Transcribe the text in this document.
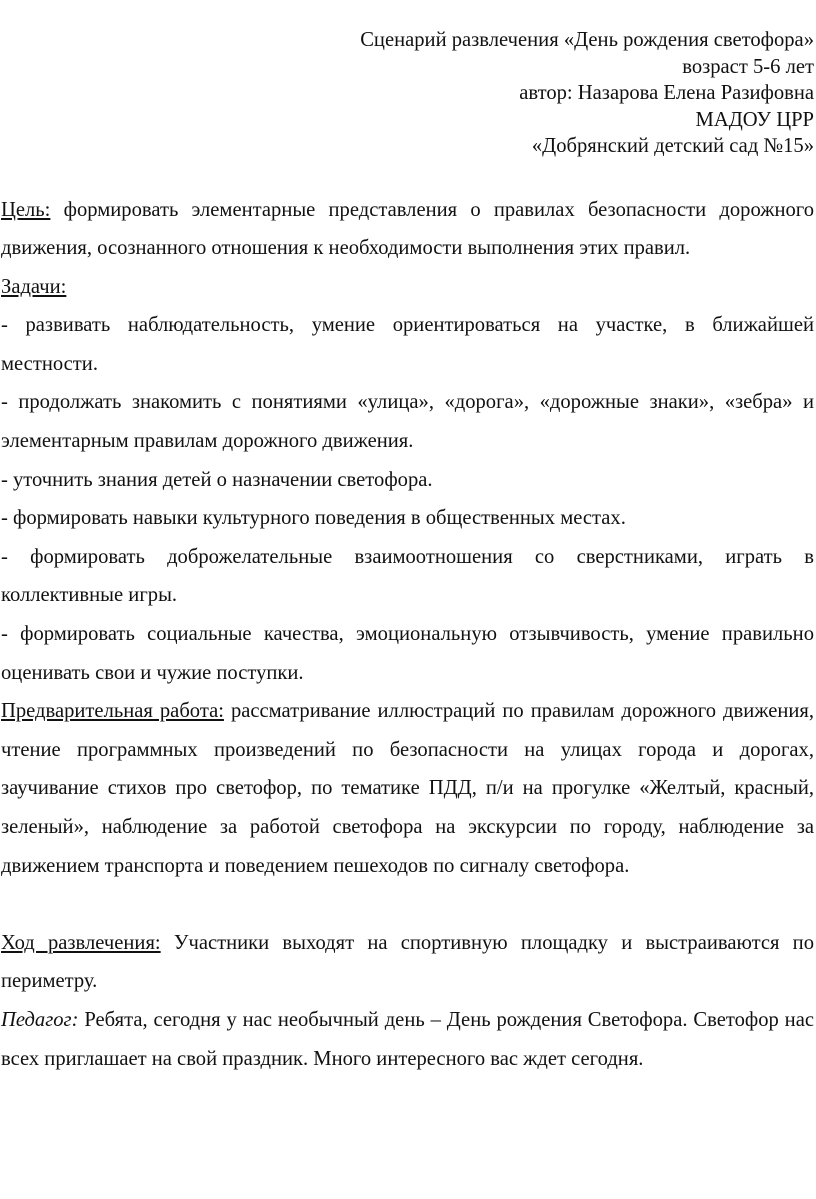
Сценарий развлечения «День рождения светофора»
возраст 5-6 лет
автор: Назарова Елена Разифовна
МАДОУ ЦРР
«Добрянский детский сад №15»

Цель: формировать элементарные представления о правилах безопасности дорожного движения, осознанного отношения к необходимости выполнения этих правил.

Задачи:

- развивать наблюдательность, умение ориентироваться на участке, в ближайшей местности.

- продолжать знакомить с понятиями «улица», «дорога», «дорожные знаки», «зебра» и элементарным правилам дорожного движения.

- уточнить знания детей о назначении светофора.

- формировать навыки культурного поведения в общественных местах.

- формировать доброжелательные взаимоотношения со сверстниками, играть в коллективные игры.

- формировать социальные качества, эмоциональную отзывчивость, умение правильно оценивать свои и чужие поступки.

Предварительная работа: рассматривание иллюстраций по правилам дорожного движения, чтение программных произведений по безопасности на улицах города и дорогах, заучивание стихов про светофор, по тематике ПДД, п/и на прогулке «Желтый, красный, зеленый», наблюдение за работой светофора на экскурсии по городу, наблюдение за движением транспорта и поведением пешеходов по сигналу светофора.

Ход развлечения: Участники выходят на спортивную площадку и выстраиваются по периметру.

Педагог: Ребята, сегодня у нас необычный день – День рождения Светофора. Светофор нас всех приглашает на свой праздник. Много интересного вас ждет сегодня.
